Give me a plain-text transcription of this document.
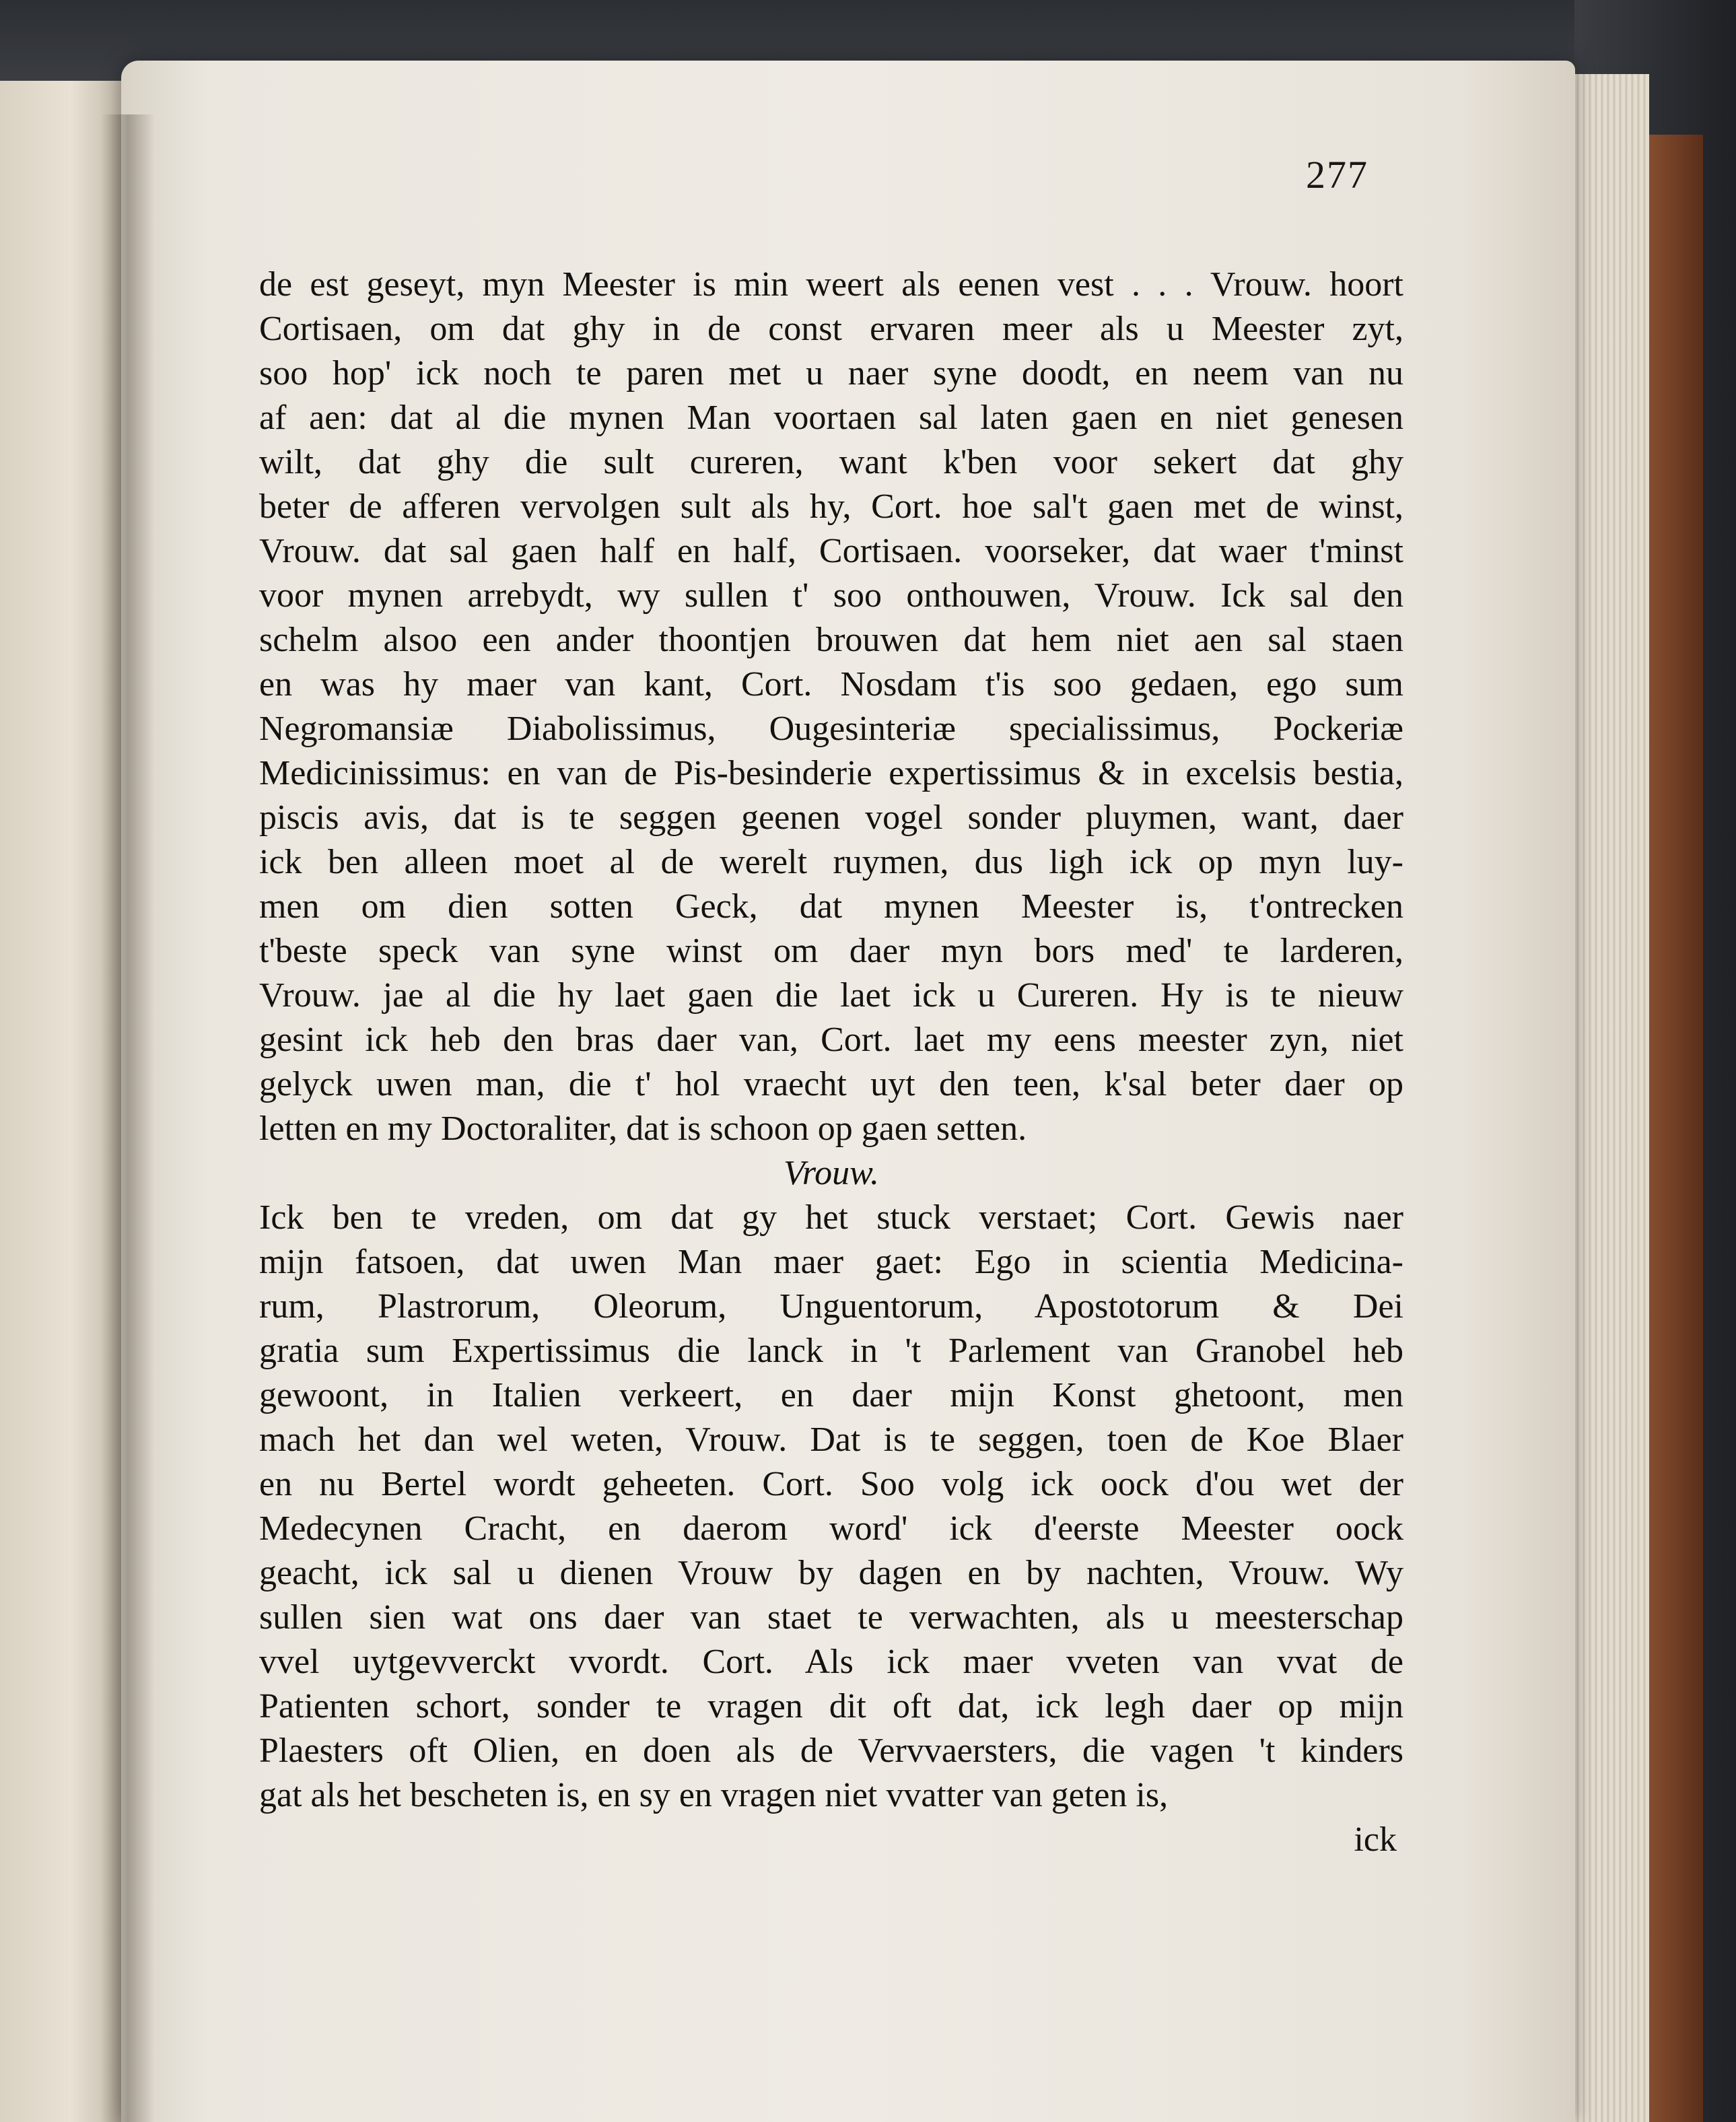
277
de est geseyt, myn Meester is min weert als eenen vest . . . Vrouw. hoort
Cortisaen, om dat ghy in de const ervaren meer als u Meester zyt,
soo hop' ick noch te paren met u naer syne doodt, en neem van nu
af aen: dat al die mynen Man voortaen sal laten gaen en niet genesen
wilt, dat ghy die sult cureren, want k'ben voor sekert dat ghy
beter de afferen vervolgen sult als hy, Cort. hoe sal't gaen met de winst,
Vrouw. dat sal gaen half en half, Cortisaen. voorseker, dat waer t'minst
voor mynen arrebydt, wy sullen t' soo onthouwen, Vrouw. Ick sal den
schelm alsoo een ander thoontjen brouwen dat hem niet aen sal staen
en was hy maer van kant, Cort. Nosdam t'is soo gedaen, ego sum
Negromansiæ Diabolissimus, Ougesinteriæ specialissimus, Pockeriæ
Medicinissimus: en van de Pis-besinderie expertissimus & in excelsis bestia,
piscis avis, dat is te seggen geenen vogel sonder pluymen, want, daer
ick ben alleen moet al de werelt ruymen, dus ligh ick op myn luy-
men om dien sotten Geck, dat mynen Meester is, t'ontrecken
t'beste speck van syne winst om daer myn bors med' te larderen,
Vrouw. jae al die hy laet gaen die laet ick u Cureren. Hy is te nieuw
gesint ick heb den bras daer van, Cort. laet my eens meester zyn, niet
gelyck uwen man, die t' hol vraecht uyt den teen, k'sal beter daer op
letten en my Doctoraliter, dat is schoon op gaen setten.
Vrouw.
Ick ben te vreden, om dat gy het stuck verstaet; Cort. Gewis naer
mijn fatsoen, dat uwen Man maer gaet: Ego in scientia Medicina-
rum, Plastrorum, Oleorum, Unguentorum, Apostotorum & Dei
gratia sum Expertissimus die lanck in 't Parlement van Granobel heb
gewoont, in Italien verkeert, en daer mijn Konst ghetoont, men
mach het dan wel weten, Vrouw. Dat is te seggen, toen de Koe Blaer
en nu Bertel wordt geheeten. Cort. Soo volg ick oock d'ou wet der
Medecynen Cracht, en daerom word' ick d'eerste Meester oock
geacht, ick sal u dienen Vrouw by dagen en by nachten, Vrouw. Wy
sullen sien wat ons daer van staet te verwachten, als u meesterschap
vvel uytgevverckt vvordt. Cort. Als ick maer vveten van vvat de
Patienten schort, sonder te vragen dit oft dat, ick legh daer op mijn
Plaesters oft Olien, en doen als de Vervvaersters, die vagen 't kinders
gat als het bescheten is, en sy en vragen niet vvatter van geten is,
ick
